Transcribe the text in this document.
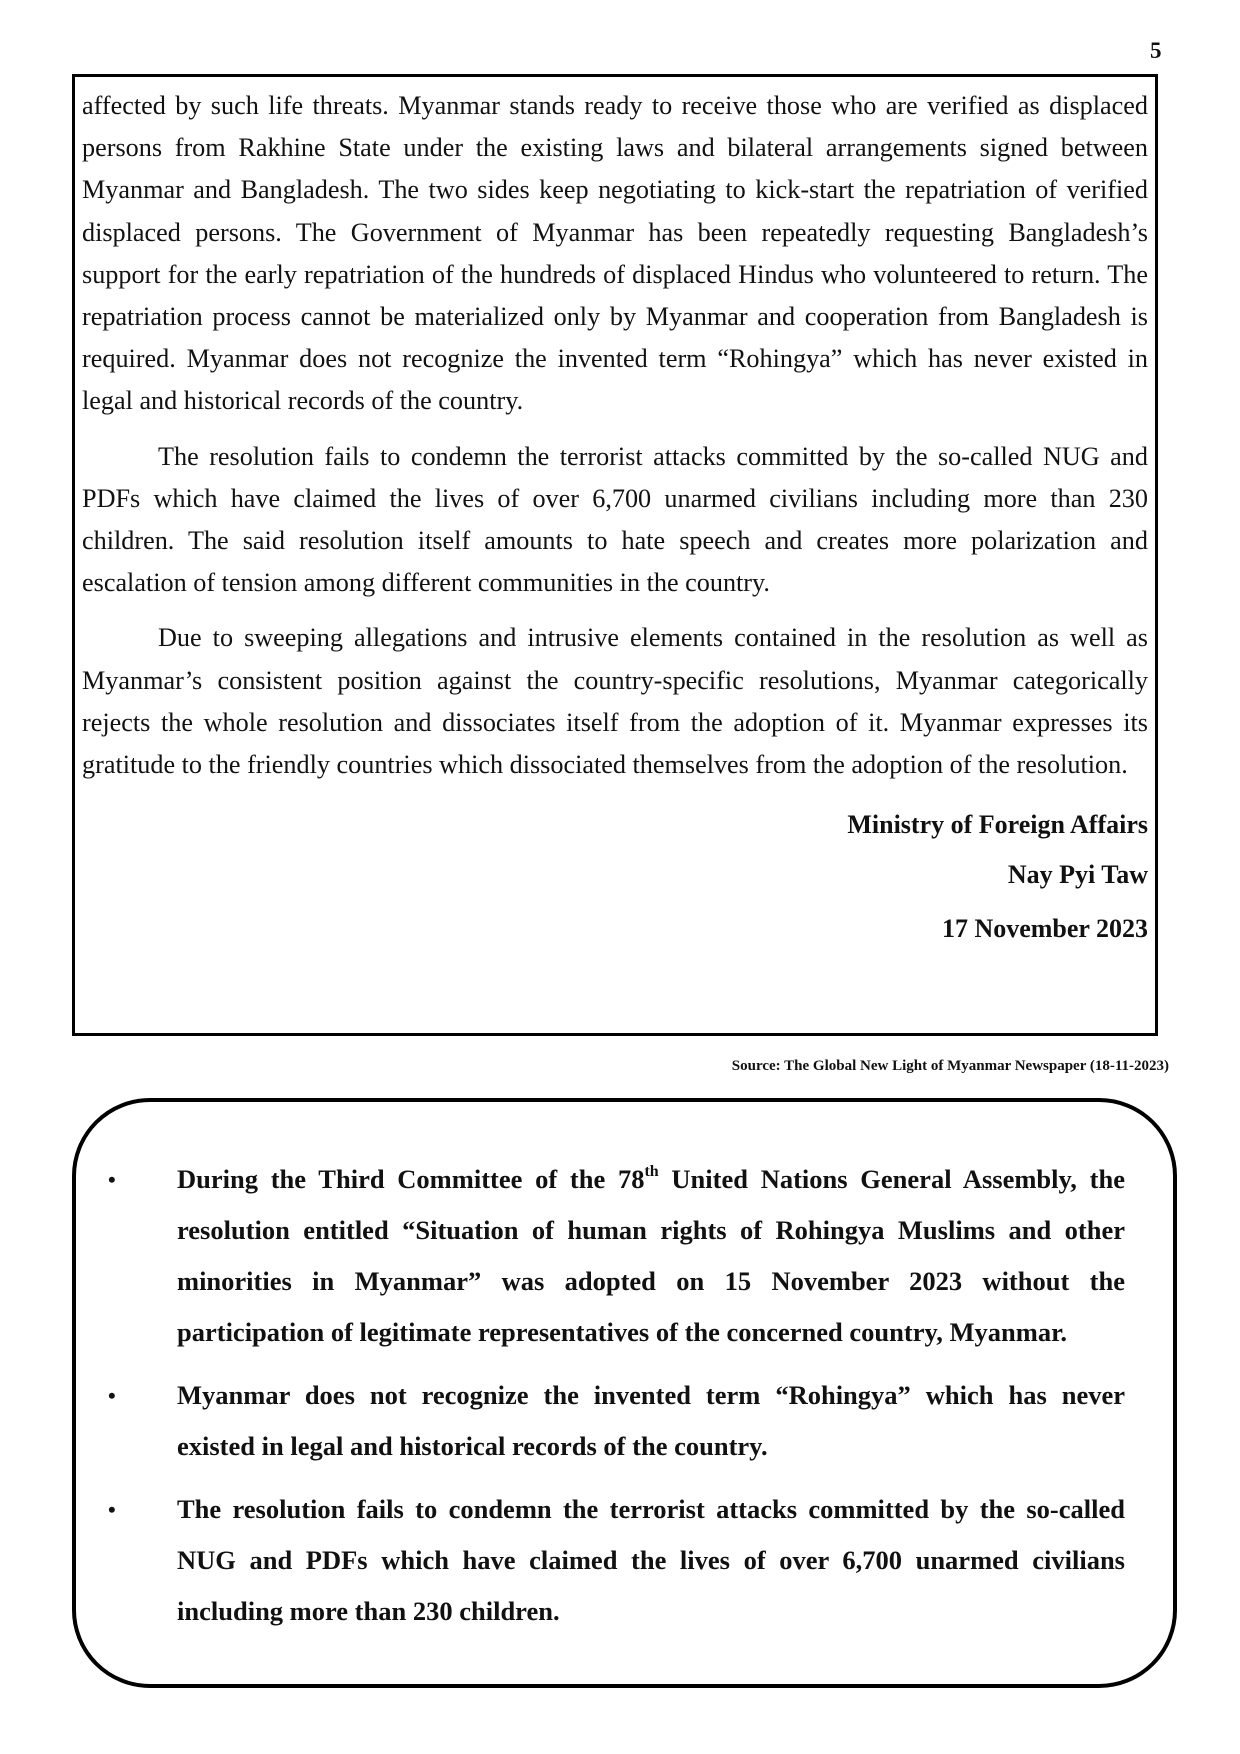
5

affected by such life threats. Myanmar stands ready to receive those who are verified as displaced persons from Rakhine State under the existing laws and bilateral arrangements signed between Myanmar and Bangladesh. The two sides keep negotiating to kick-start the repatriation of verified displaced persons. The Government of Myanmar has been repeatedly requesting Bangladesh’s support for the early repatriation of the hundreds of displaced Hindus who volunteered to return. The repatriation process cannot be materialized only by Myanmar and cooperation from Bangladesh is required. Myanmar does not recognize the invented term “Rohingya” which has never existed in legal and historical records of the country.

The resolution fails to condemn the terrorist attacks committed by the so-called NUG and PDFs which have claimed the lives of over 6,700 unarmed civilians including more than 230 children. The said resolution itself amounts to hate speech and creates more polarization and escalation of tension among different communities in the country.

Due to sweeping allegations and intrusive elements contained in the resolution as well as Myanmar’s consistent position against the country-specific resolutions, Myanmar categorically rejects the whole resolution and dissociates itself from the adoption of it. Myanmar expresses its gratitude to the friendly countries which dissociated themselves from the adoption of the resolution.

Ministry of Foreign Affairs

Nay Pyi Taw

17 November 2023

Source: The Global New Light of Myanmar Newspaper (18-11-2023)
•	During the Third Committee of the 78th United Nations General Assembly, the resolution entitled “Situation of human rights of Rohingya Muslims and other minorities in Myanmar” was adopted on 15 November 2023 without the participation of legitimate representatives of the concerned country, Myanmar.
•	Myanmar does not recognize the invented term “Rohingya” which has never existed in legal and historical records of the country.
•	The resolution fails to condemn the terrorist attacks committed by the so-called NUG and PDFs which have claimed the lives of over 6,700 unarmed civilians including more than 230 children.
